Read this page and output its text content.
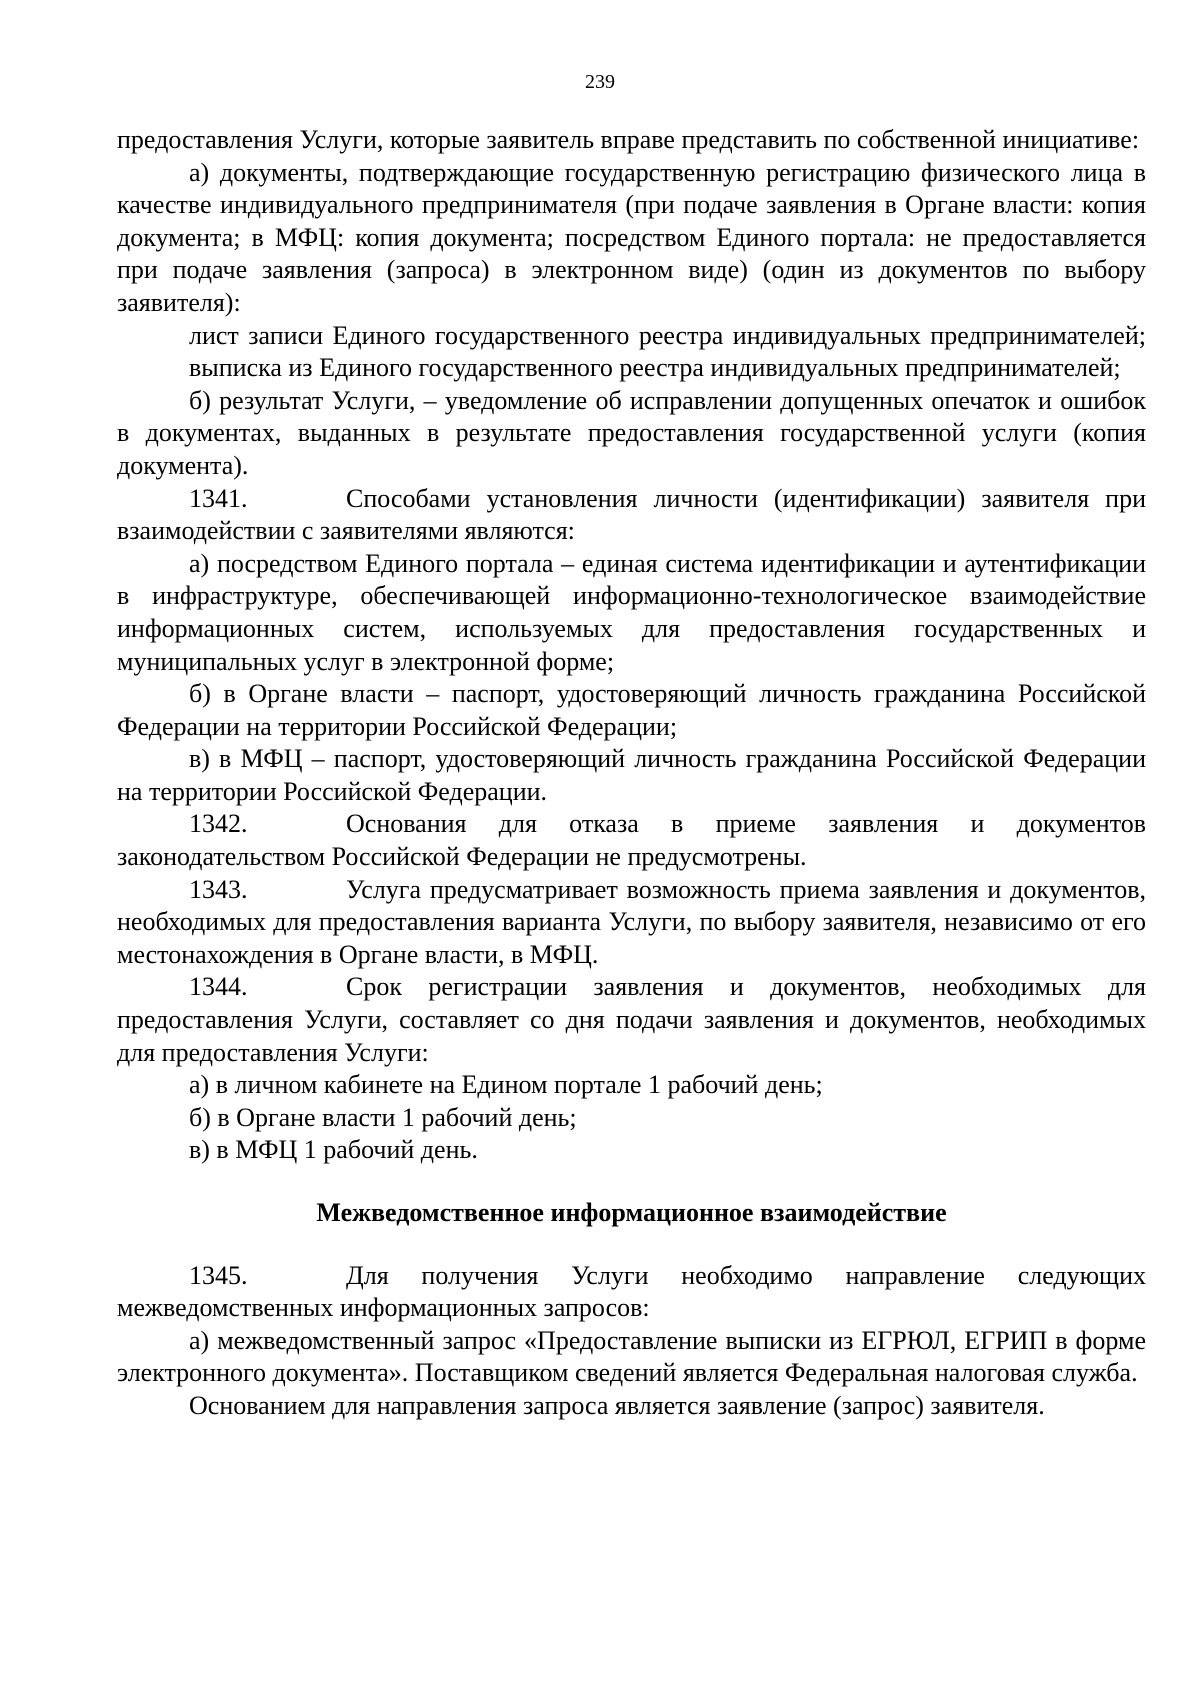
239

предоставления Услуги, которые заявитель вправе представить по собственной инициативе:

а) документы, подтверждающие государственную регистрацию физического лица в качестве индивидуального предпринимателя (при подаче заявления в Органе власти: копия документа; в МФЦ: копия документа; посредством Единого портала: не предоставляется при подаче заявления (запроса) в электронном виде) (один из документов по выбору заявителя):

лист записи Единого государственного реестра индивидуальных предпринимателей;

выписка из Единого государственного реестра индивидуальных предпринимателей;

б) результат Услуги, – уведомление об исправлении допущенных опечаток и ошибок в документах, выданных в результате предоставления государственной услуги (копия документа).

1341.	Способами установления личности (идентификации) заявителя при взаимодействии с заявителями являются:

а) посредством Единого портала – единая система идентификации и аутентификации в инфраструктуре, обеспечивающей информационно-технологическое взаимодействие информационных систем, используемых для предоставления государственных и муниципальных услуг в электронной форме;

б) в Органе власти – паспорт, удостоверяющий личность гражданина Российской Федерации на территории Российской Федерации;

в) в МФЦ – паспорт, удостоверяющий личность гражданина Российской Федерации на территории Российской Федерации.

1342.	Основания для отказа в приеме заявления и документов законодательством Российской Федерации не предусмотрены.

1343.	Услуга предусматривает возможность приема заявления и документов, необходимых для предоставления варианта Услуги, по выбору заявителя, независимо от его местонахождения в Органе власти, в МФЦ.

1344.	Срок регистрации заявления и документов, необходимых для предоставления Услуги, составляет со дня подачи заявления и документов, необходимых для предоставления Услуги:

а) в личном кабинете на Едином портале 1 рабочий день;

б) в Органе власти 1 рабочий день;

в) в МФЦ 1 рабочий день.

Межведомственное информационное взаимодействие

1345.	Для получения Услуги необходимо направление следующих межведомственных информационных запросов:

а) межведомственный запрос «Предоставление выписки из ЕГРЮЛ, ЕГРИП в форме электронного документа». Поставщиком сведений является Федеральная налоговая служба.

Основанием для направления запроса является заявление (запрос) заявителя.
